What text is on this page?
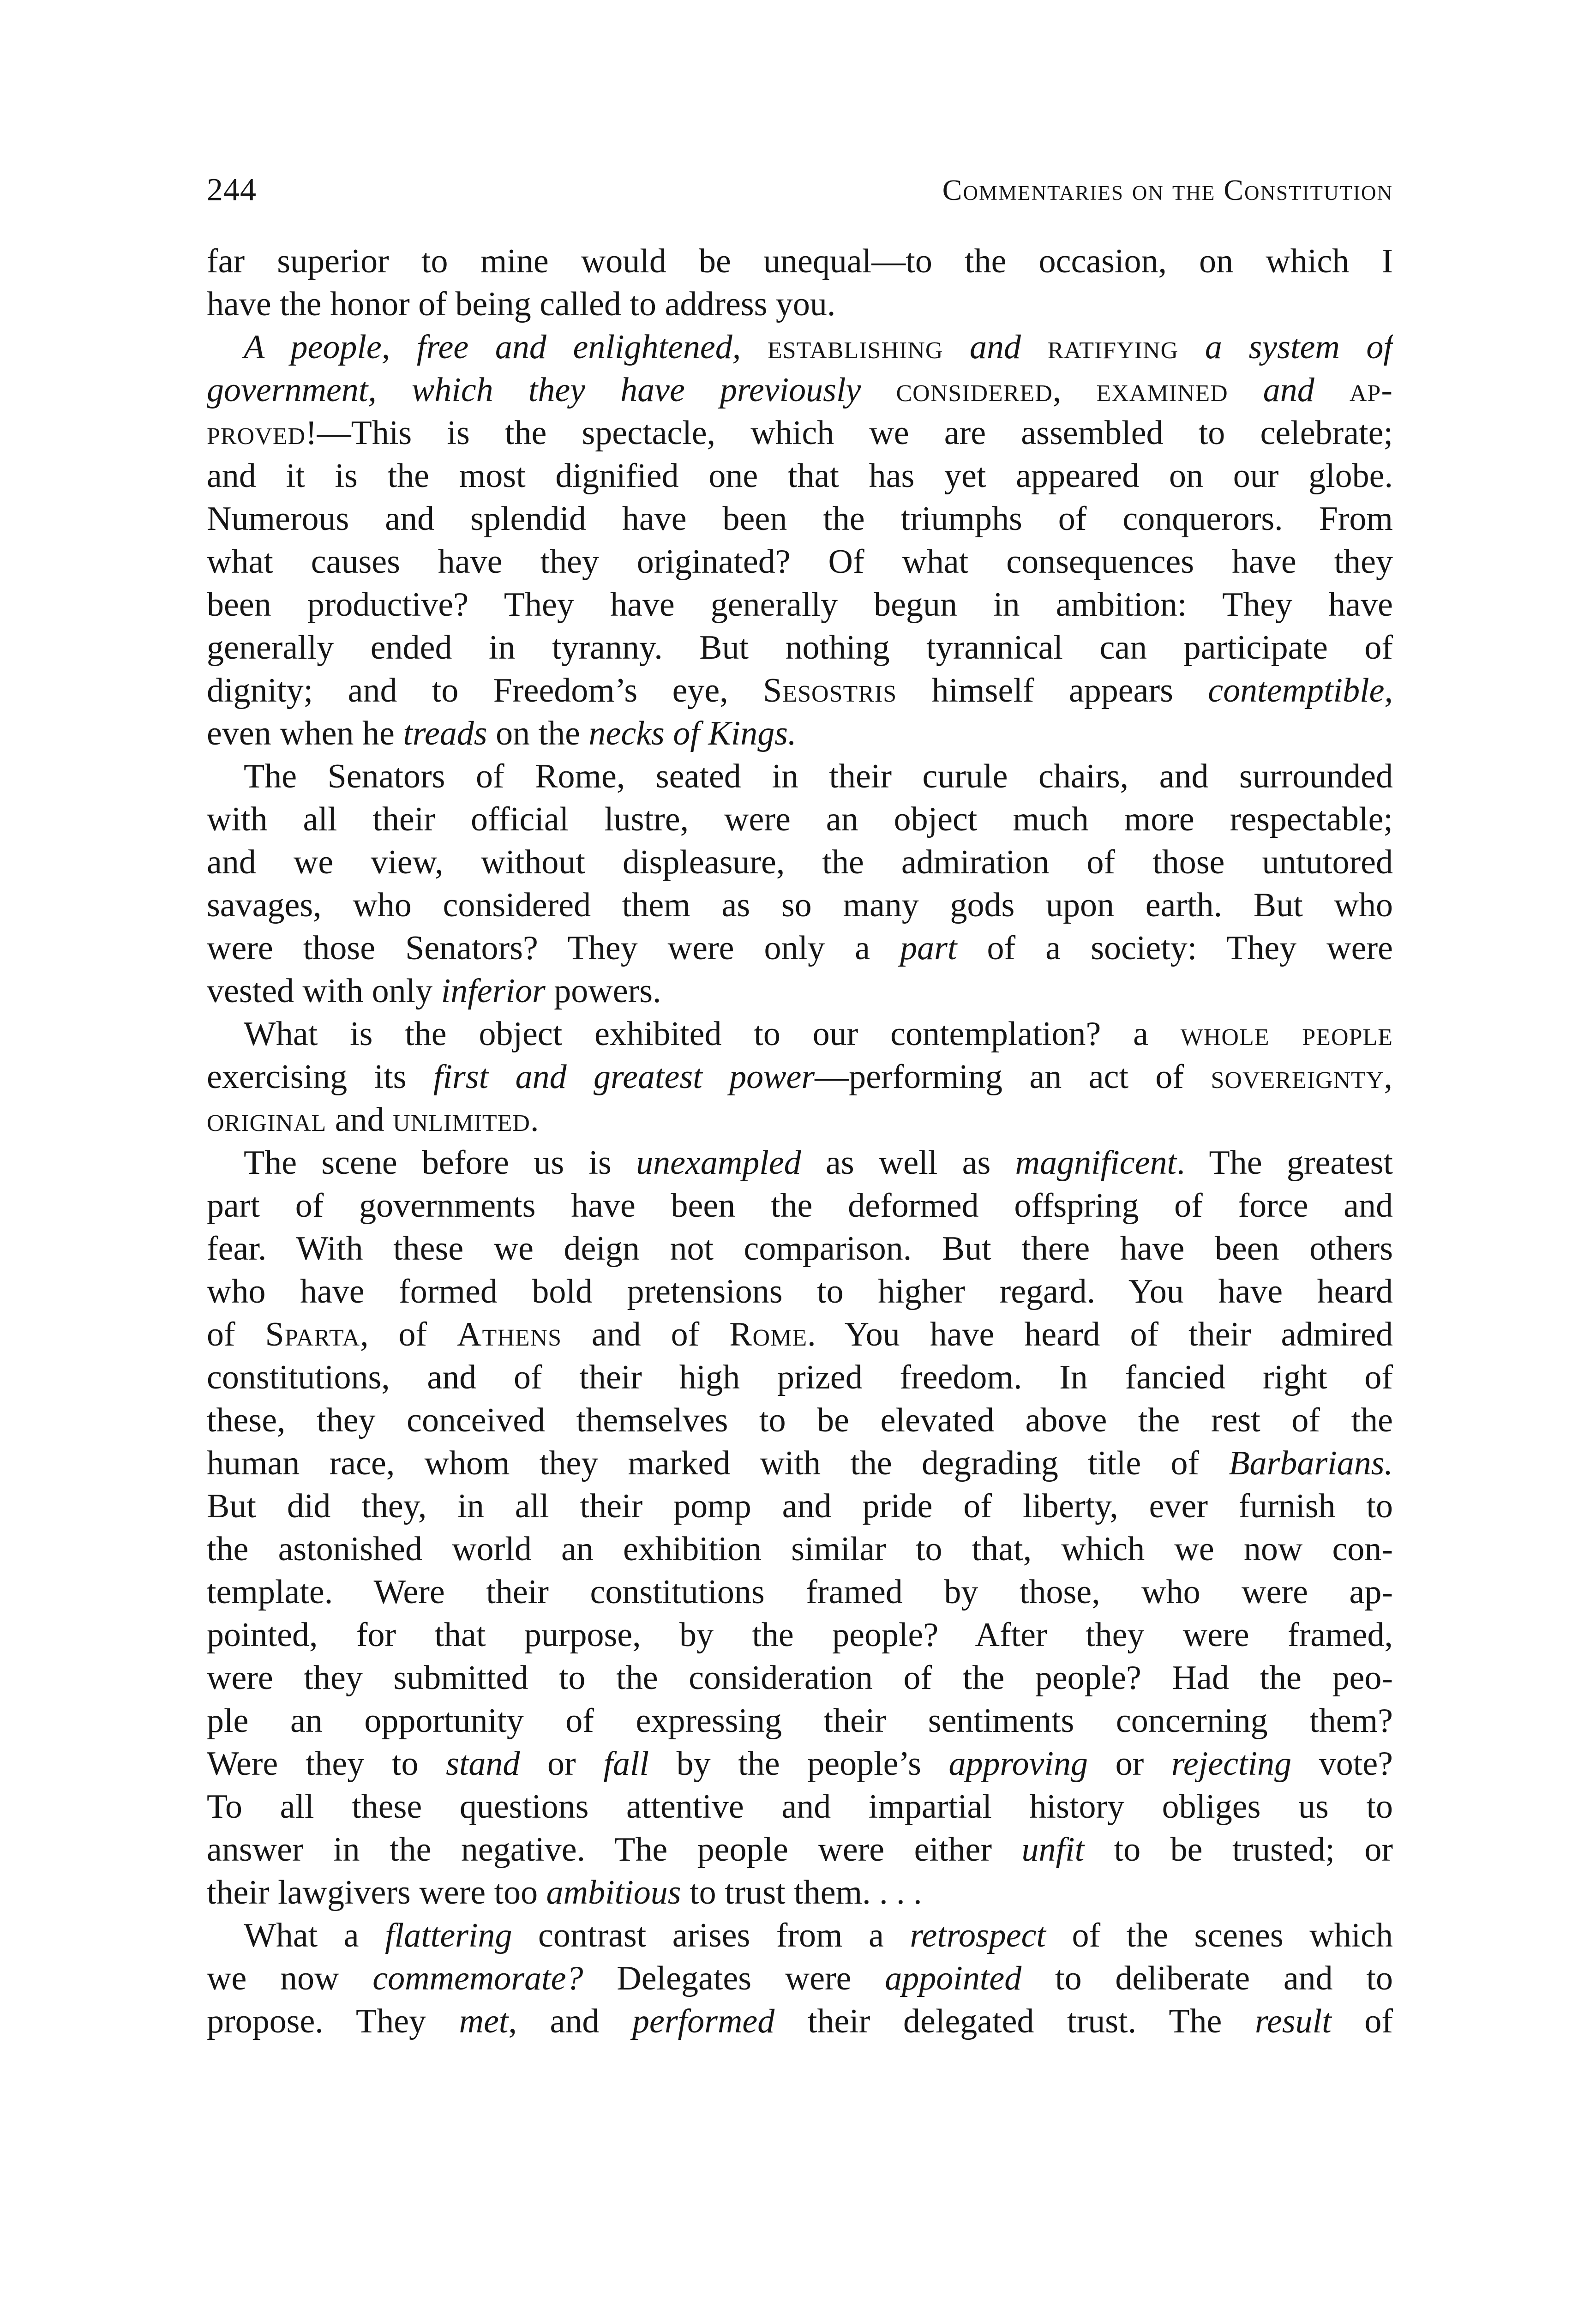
244	Commentaries on the Constitution
far superior to mine would be unequal—to the occasion, on which I
have the honor of being called to address you.
A people, free and enlightened, establishing and ratifying a system of
government, which they have previously considered, examined and ap-
proved!—This is the spectacle, which we are assembled to celebrate;
and it is the most dignified one that has yet appeared on our globe.
Numerous and splendid have been the triumphs of conquerors. From
what causes have they originated? Of what consequences have they
been productive? They have generally begun in ambition: They have
generally ended in tyranny. But nothing tyrannical can participate of
dignity; and to Freedom’s eye, Sesostris himself appears contemptible,
even when he treads on the necks of Kings.
The Senators of Rome, seated in their curule chairs, and surrounded
with all their official lustre, were an object much more respectable;
and we view, without displeasure, the admiration of those untutored
savages, who considered them as so many gods upon earth. But who
were those Senators? They were only a part of a society: They were
vested with only inferior powers.
What is the object exhibited to our contemplation? a whole people
exercising its first and greatest power—performing an act of sovereignty,
original and unlimited.
The scene before us is unexampled as well as magnificent. The greatest
part of governments have been the deformed offspring of force and
fear. With these we deign not comparison. But there have been others
who have formed bold pretensions to higher regard. You have heard
of Sparta, of Athens and of Rome. You have heard of their admired
constitutions, and of their high prized freedom. In fancied right of
these, they conceived themselves to be elevated above the rest of the
human race, whom they marked with the degrading title of Barbarians.
But did they, in all their pomp and pride of liberty, ever furnish to
the astonished world an exhibition similar to that, which we now con-
template. Were their constitutions framed by those, who were ap-
pointed, for that purpose, by the people? After they were framed,
were they submitted to the consideration of the people? Had the peo-
ple an opportunity of expressing their sentiments concerning them?
Were they to stand or fall by the people’s approving or rejecting vote?
To all these questions attentive and impartial history obliges us to
answer in the negative. The people were either unfit to be trusted; or
their lawgivers were too ambitious to trust them. . . .
What a flattering contrast arises from a retrospect of the scenes which
we now commemorate? Delegates were appointed to deliberate and to
propose. They met, and performed their delegated trust. The result of
